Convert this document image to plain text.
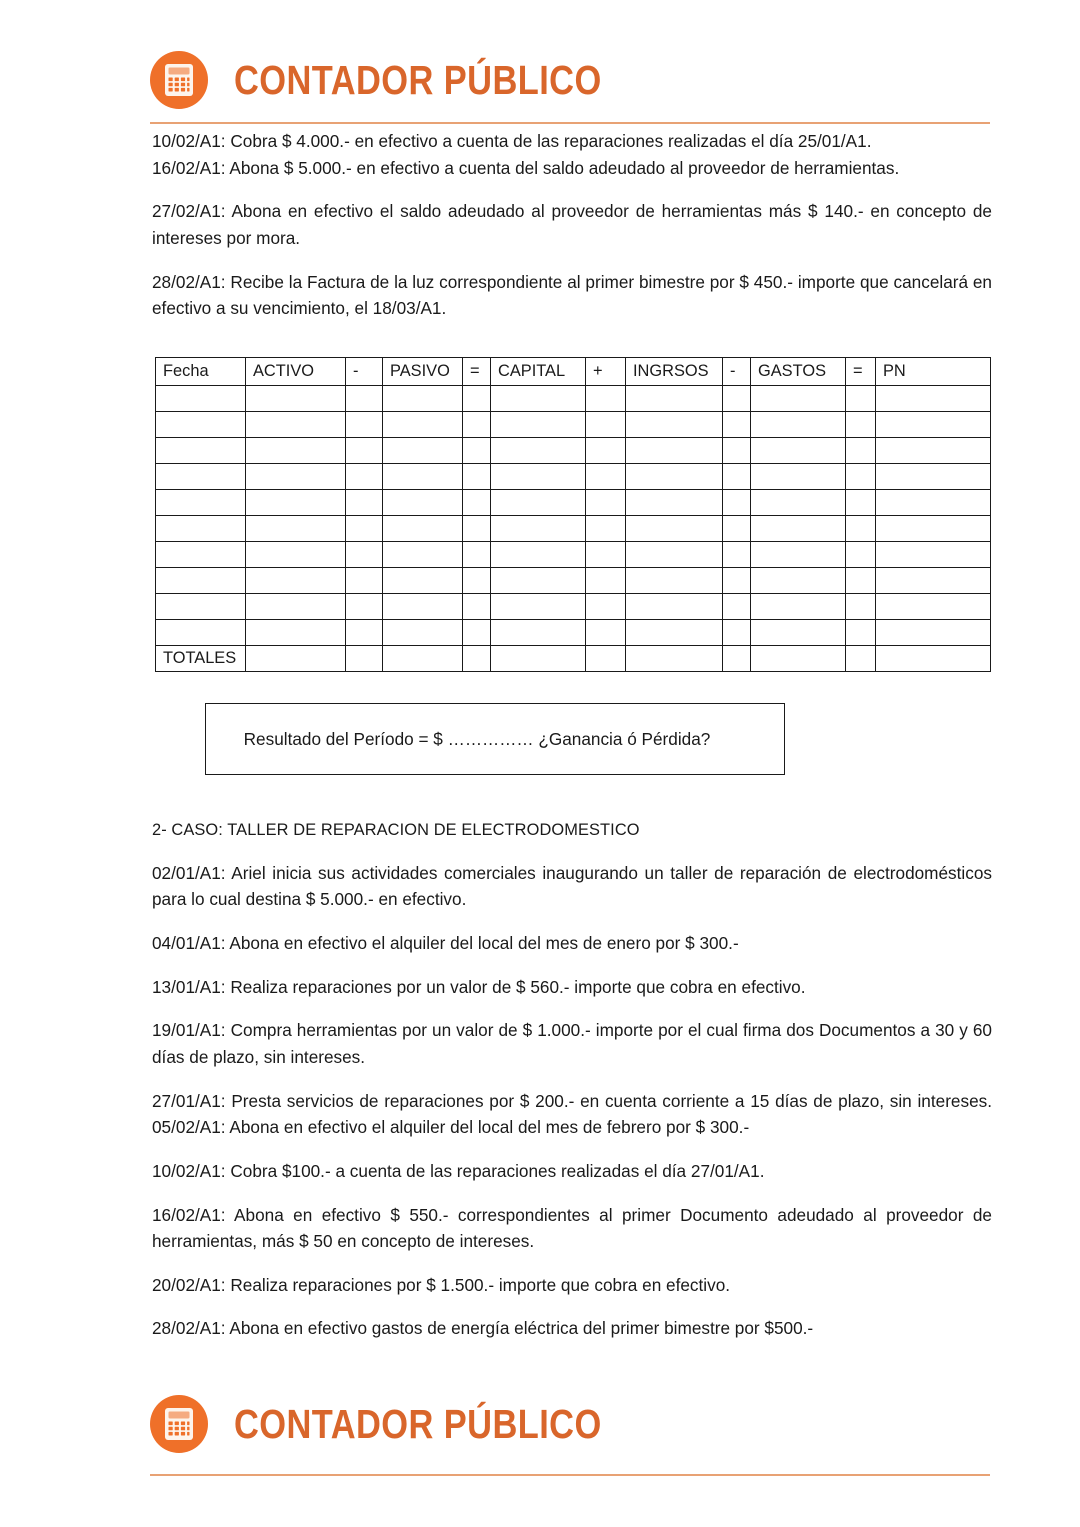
CONTADOR PÚBLICO

10/02/A1: Cobra $ 4.000.- en efectivo a cuenta de las reparaciones realizadas el día 25/01/A1.

16/02/A1: Abona $ 5.000.- en efectivo a cuenta del saldo adeudado al proveedor de herramientas.

27/02/A1: Abona en efectivo el saldo adeudado al proveedor de herramientas más $ 140.- en concepto de intereses por mora.

28/02/A1: Recibe la Factura de la luz correspondiente al primer bimestre por $ 450.- importe que cancelará en efectivo a su vencimiento, el 18/03/A1.

Fecha	ACTIVO	-	PASIVO	=	CAPITAL	+	INGRSOS	-	GASTOS	=	PN

TOTALES											
Resultado del Período = $ …………… ¿Ganancia ó Pérdida?

2- CASO: TALLER DE REPARACION DE ELECTRODOMESTICO

02/01/A1: Ariel inicia sus actividades comerciales inaugurando un taller de reparación de electrodomésticos para lo cual destina $ 5.000.- en efectivo.

04/01/A1: Abona en efectivo el alquiler del local del mes de enero por $ 300.-

13/01/A1: Realiza reparaciones por un valor de $ 560.- importe que cobra en efectivo.

19/01/A1: Compra herramientas por un valor de $ 1.000.- importe por el cual firma dos Documentos a 30 y 60 días de plazo, sin intereses.

27/01/A1: Presta servicios de reparaciones por $ 200.- en cuenta corriente a 15 días de plazo, sin intereses. 05/02/A1: Abona en efectivo el alquiler del local del mes de febrero por $ 300.-

10/02/A1: Cobra $100.- a cuenta de las reparaciones realizadas el día 27/01/A1.

16/02/A1: Abona en efectivo $ 550.- correspondientes al primer Documento adeudado al proveedor de herramientas, más $ 50 en concepto de intereses.

20/02/A1: Realiza reparaciones por $ 1.500.- importe que cobra en efectivo.

28/02/A1: Abona en efectivo gastos de energía eléctrica del primer bimestre por $500.-

CONTADOR PÚBLICO
